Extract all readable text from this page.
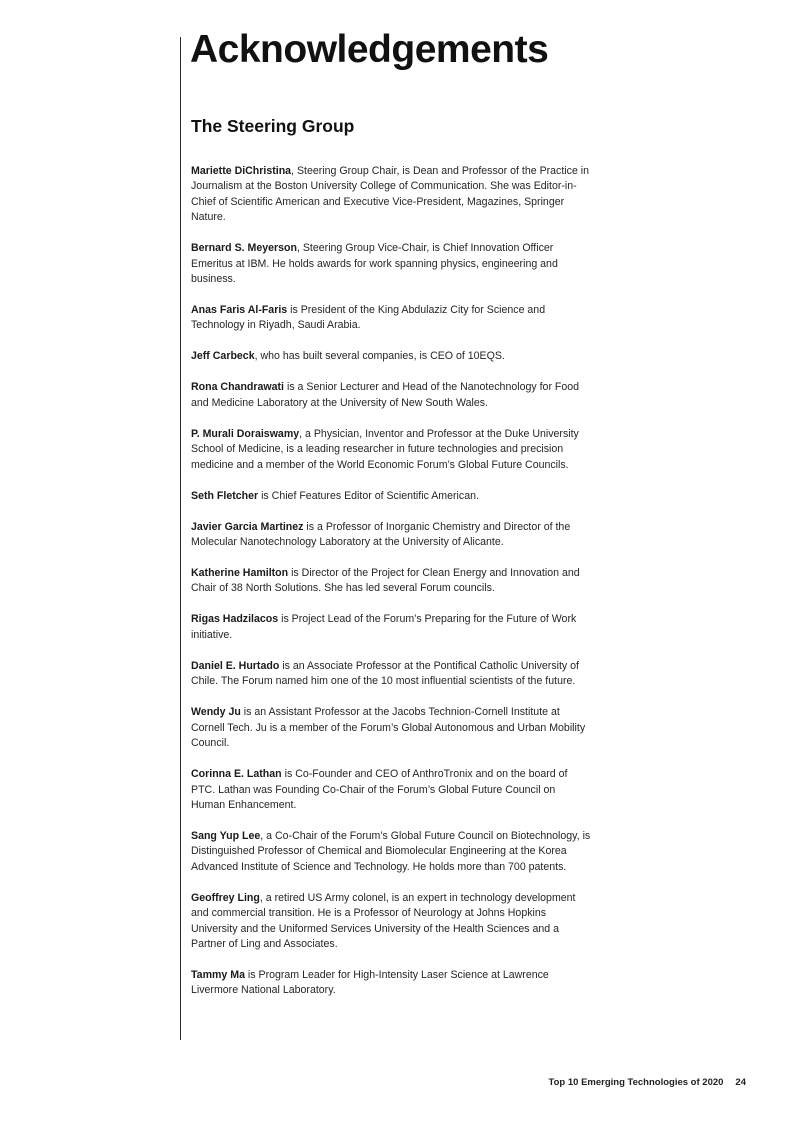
Acknowledgements
The Steering Group

Mariette DiChristina, Steering Group Chair, is Dean and Professor of the Practice in Journalism at the Boston University College of Communication. She was Editor-in-Chief of Scientific American and Executive Vice-President, Magazines, Springer Nature.

Bernard S. Meyerson, Steering Group Vice-Chair, is Chief Innovation Officer Emeritus at IBM. He holds awards for work spanning physics, engineering and business.

Anas Faris Al-Faris is President of the King Abdulaziz City for Science and Technology in Riyadh, Saudi Arabia.

Jeff Carbeck, who has built several companies, is CEO of 10EQS.

Rona Chandrawati is a Senior Lecturer and Head of the Nanotechnology for Food and Medicine Laboratory at the University of New South Wales.

P. Murali Doraiswamy, a Physician, Inventor and Professor at the Duke University School of Medicine, is a leading researcher in future technologies and precision medicine and a member of the World Economic Forum’s Global Future Councils.

Seth Fletcher is Chief Features Editor of Scientific American.

Javier Garcia Martinez is a Professor of Inorganic Chemistry and Director of the Molecular Nanotechnology Laboratory at the University of Alicante.

Katherine Hamilton is Director of the Project for Clean Energy and Innovation and Chair of 38 North Solutions. She has led several Forum councils.

Rigas Hadzilacos is Project Lead of the Forum’s Preparing for the Future of Work initiative.

Daniel E. Hurtado is an Associate Professor at the Pontifical Catholic University of Chile. The Forum named him one of the 10 most influential scientists of the future.

Wendy Ju is an Assistant Professor at the Jacobs Technion-Cornell Institute at Cornell Tech. Ju is a member of the Forum’s Global Autonomous and Urban Mobility Council.

Corinna E. Lathan is Co-Founder and CEO of AnthroTronix and on the board of PTC. Lathan was Founding Co-Chair of the Forum’s Global Future Council on Human Enhancement.

Sang Yup Lee, a Co-Chair of the Forum’s Global Future Council on Biotechnology, is Distinguished Professor of Chemical and Biomolecular Engineering at the Korea Advanced Institute of Science and Technology. He holds more than 700 patents.

Geoffrey Ling, a retired US Army colonel, is an expert in technology development and commercial transition. He is a Professor of Neurology at Johns Hopkins University and the Uniformed Services University of the Health Sciences and a Partner of Ling and Associates.

Tammy Ma is Program Leader for High-Intensity Laser Science at Lawrence Livermore National Laboratory.

Top 10 Emerging Technologies of 2020 24
